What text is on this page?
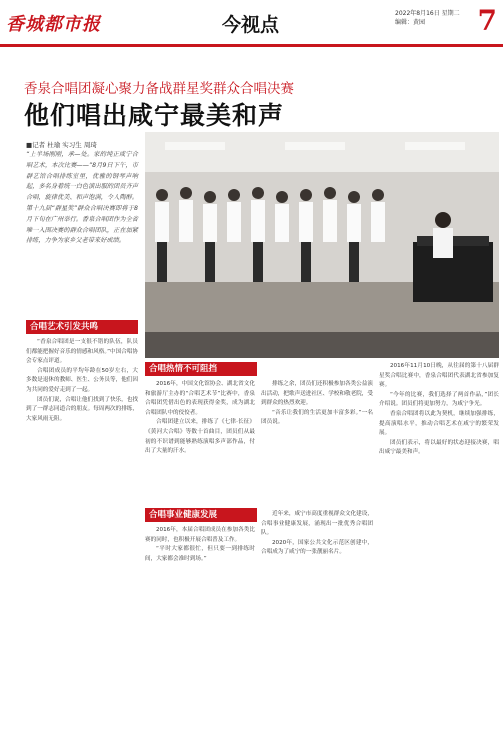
香城都市报	今视点
2022年8月16日 星期二
编辑：黄园	7
香泉合唱团凝心聚力备战群星奖群众合唱决赛
他们唱出咸宁最美和声
■记者 杜瑜 实习生 周琦
“上半场刚刚，承—处。家的纯正咸宁合唱艺术，本次比赛——”8月9日下午，市群艺馆合唱排练室里，优雅的钢琴声响起，多名身着统一白色演出服的团员齐声合唱，旋律优美、和声饱满，令人陶醉。第十九届“群星奖”群众合唱决赛即将于8月下旬在广州举行。香泉合唱团作为全省唯一入围决赛的群众合唱团队，正在加紧排练，力争为家乡父老带来好成绩。
合唱艺术引发共鸣

“香泉合唱团是一支很不错的队伍，队员们都能把握好音乐的情感和风格。”中国合唱协会专家点评道。

合唱团成员的平均年龄在50岁左右，大多数是退休的教师、医生、公务员等，他们因为共同的爱好走到了一起。

团员们说，合唱让他们找到了快乐，也找到了一群志同道合的朋友。每周两次的排练，大家风雨无阻。

合唱热情不可阻挡

2016年，中国文化馆协会、湖北省文化和旅游厅主办的“合唱艺术节”比赛中，香泉合唱团凭借出色的表现获得金奖，成为湖北合唱团队中的佼佼者。

合唱团建立以来，排练了《七律·长征》《黄河大合唱》等数十首曲目，团员们从最初的不识谱到能够熟练演唱多声部作品，付出了大量的汗水。

排练之余，团员们还积极参加各类公益演出活动，把歌声送进社区、学校和敬老院，受到群众的热烈欢迎。

“音乐让我们的生活更加丰富多彩。”一名团员说。

2016年11月10日晚，从往届的第十八届群星奖合唱比赛中，香泉合唱团代表湖北省参加复赛。

“今年的比赛，我们选择了两首作品，”团长介绍说。团员们将更加努力，为咸宁争光。

香泉合唱团将以此为契机，继续加强排练，提高演唱水平，推动合唱艺术在咸宁的繁荣发展。

团员们表示，将以最好的状态迎接决赛，唱出咸宁最美和声。

合唱事业健康发展

2016年，本届合唱团成员在参加各类比赛的同时，也积极开展合唱普及工作。

“平时大家都很忙，但只要一到排练时间，大家都会准时到场。”

近年来，咸宁市高度重视群众文化建设，合唱事业健康发展，涌现出一批优秀合唱团队。

2020年，国家公共文化示范区创建中，合唱成为了咸宁的一张靓丽名片。
